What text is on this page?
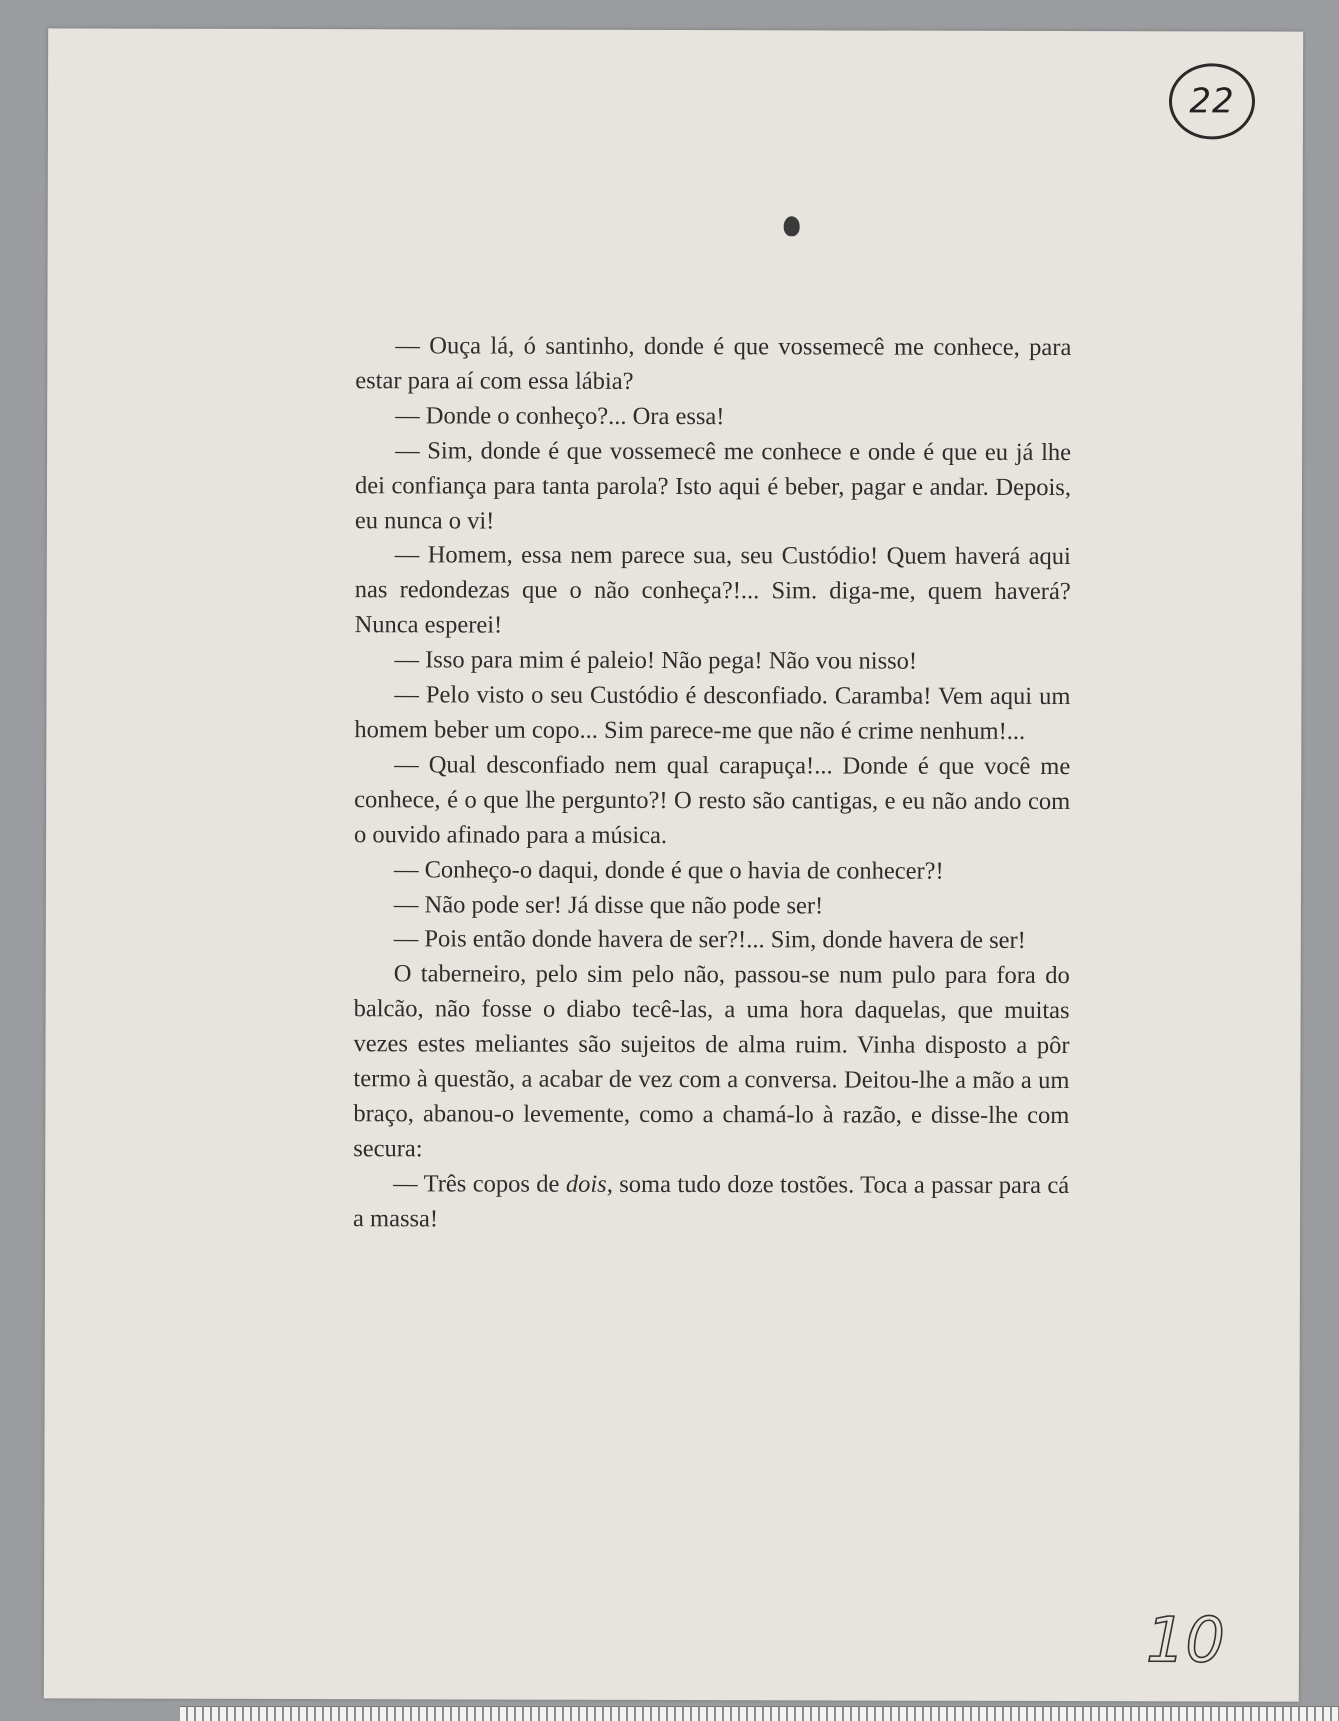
22

— Ouça lá, ó santinho, donde é que vossemecê me conhece, para estar para aí com essa lábia?

— Donde o conheço?... Ora essa!

— Sim, donde é que vossemecê me conhece e onde é que eu já lhe dei confiança para tanta parola? Isto aqui é beber, pagar e andar. Depois, eu nunca o vi!

— Homem, essa nem parece sua, seu Custódio! Quem haverá aqui nas redondezas que o não conheça?!... Sim. diga-me, quem haverá? Nunca esperei!

— Isso para mim é paleio! Não pega! Não vou nisso!

— Pelo visto o seu Custódio é desconfiado. Caramba! Vem aqui um homem beber um copo... Sim parece-me que não é crime nenhum!...

— Qual desconfiado nem qual carapuça!... Donde é que você me conhece, é o que lhe pergunto?! O resto são cantigas, e eu não ando com o ouvido afinado para a música.

— Conheço-o daqui, donde é que o havia de conhecer?!

— Não pode ser! Já disse que não pode ser!

— Pois então donde havera de ser?!... Sim, donde havera de ser!

O taberneiro, pelo sim pelo não, passou-se num pulo para fora do balcão, não fosse o diabo tecê-las, a uma hora daquelas, que muitas vezes estes meliantes são sujeitos de alma ruim. Vinha disposto a pôr termo à questão, a acabar de vez com a conversa. Deitou-lhe a mão a um braço, abanou-o levemente, como a chamá-lo à razão, e disse-lhe com secura:

— Três copos de dois, soma tudo doze tostões. Toca a passar para cá a massa!

10
